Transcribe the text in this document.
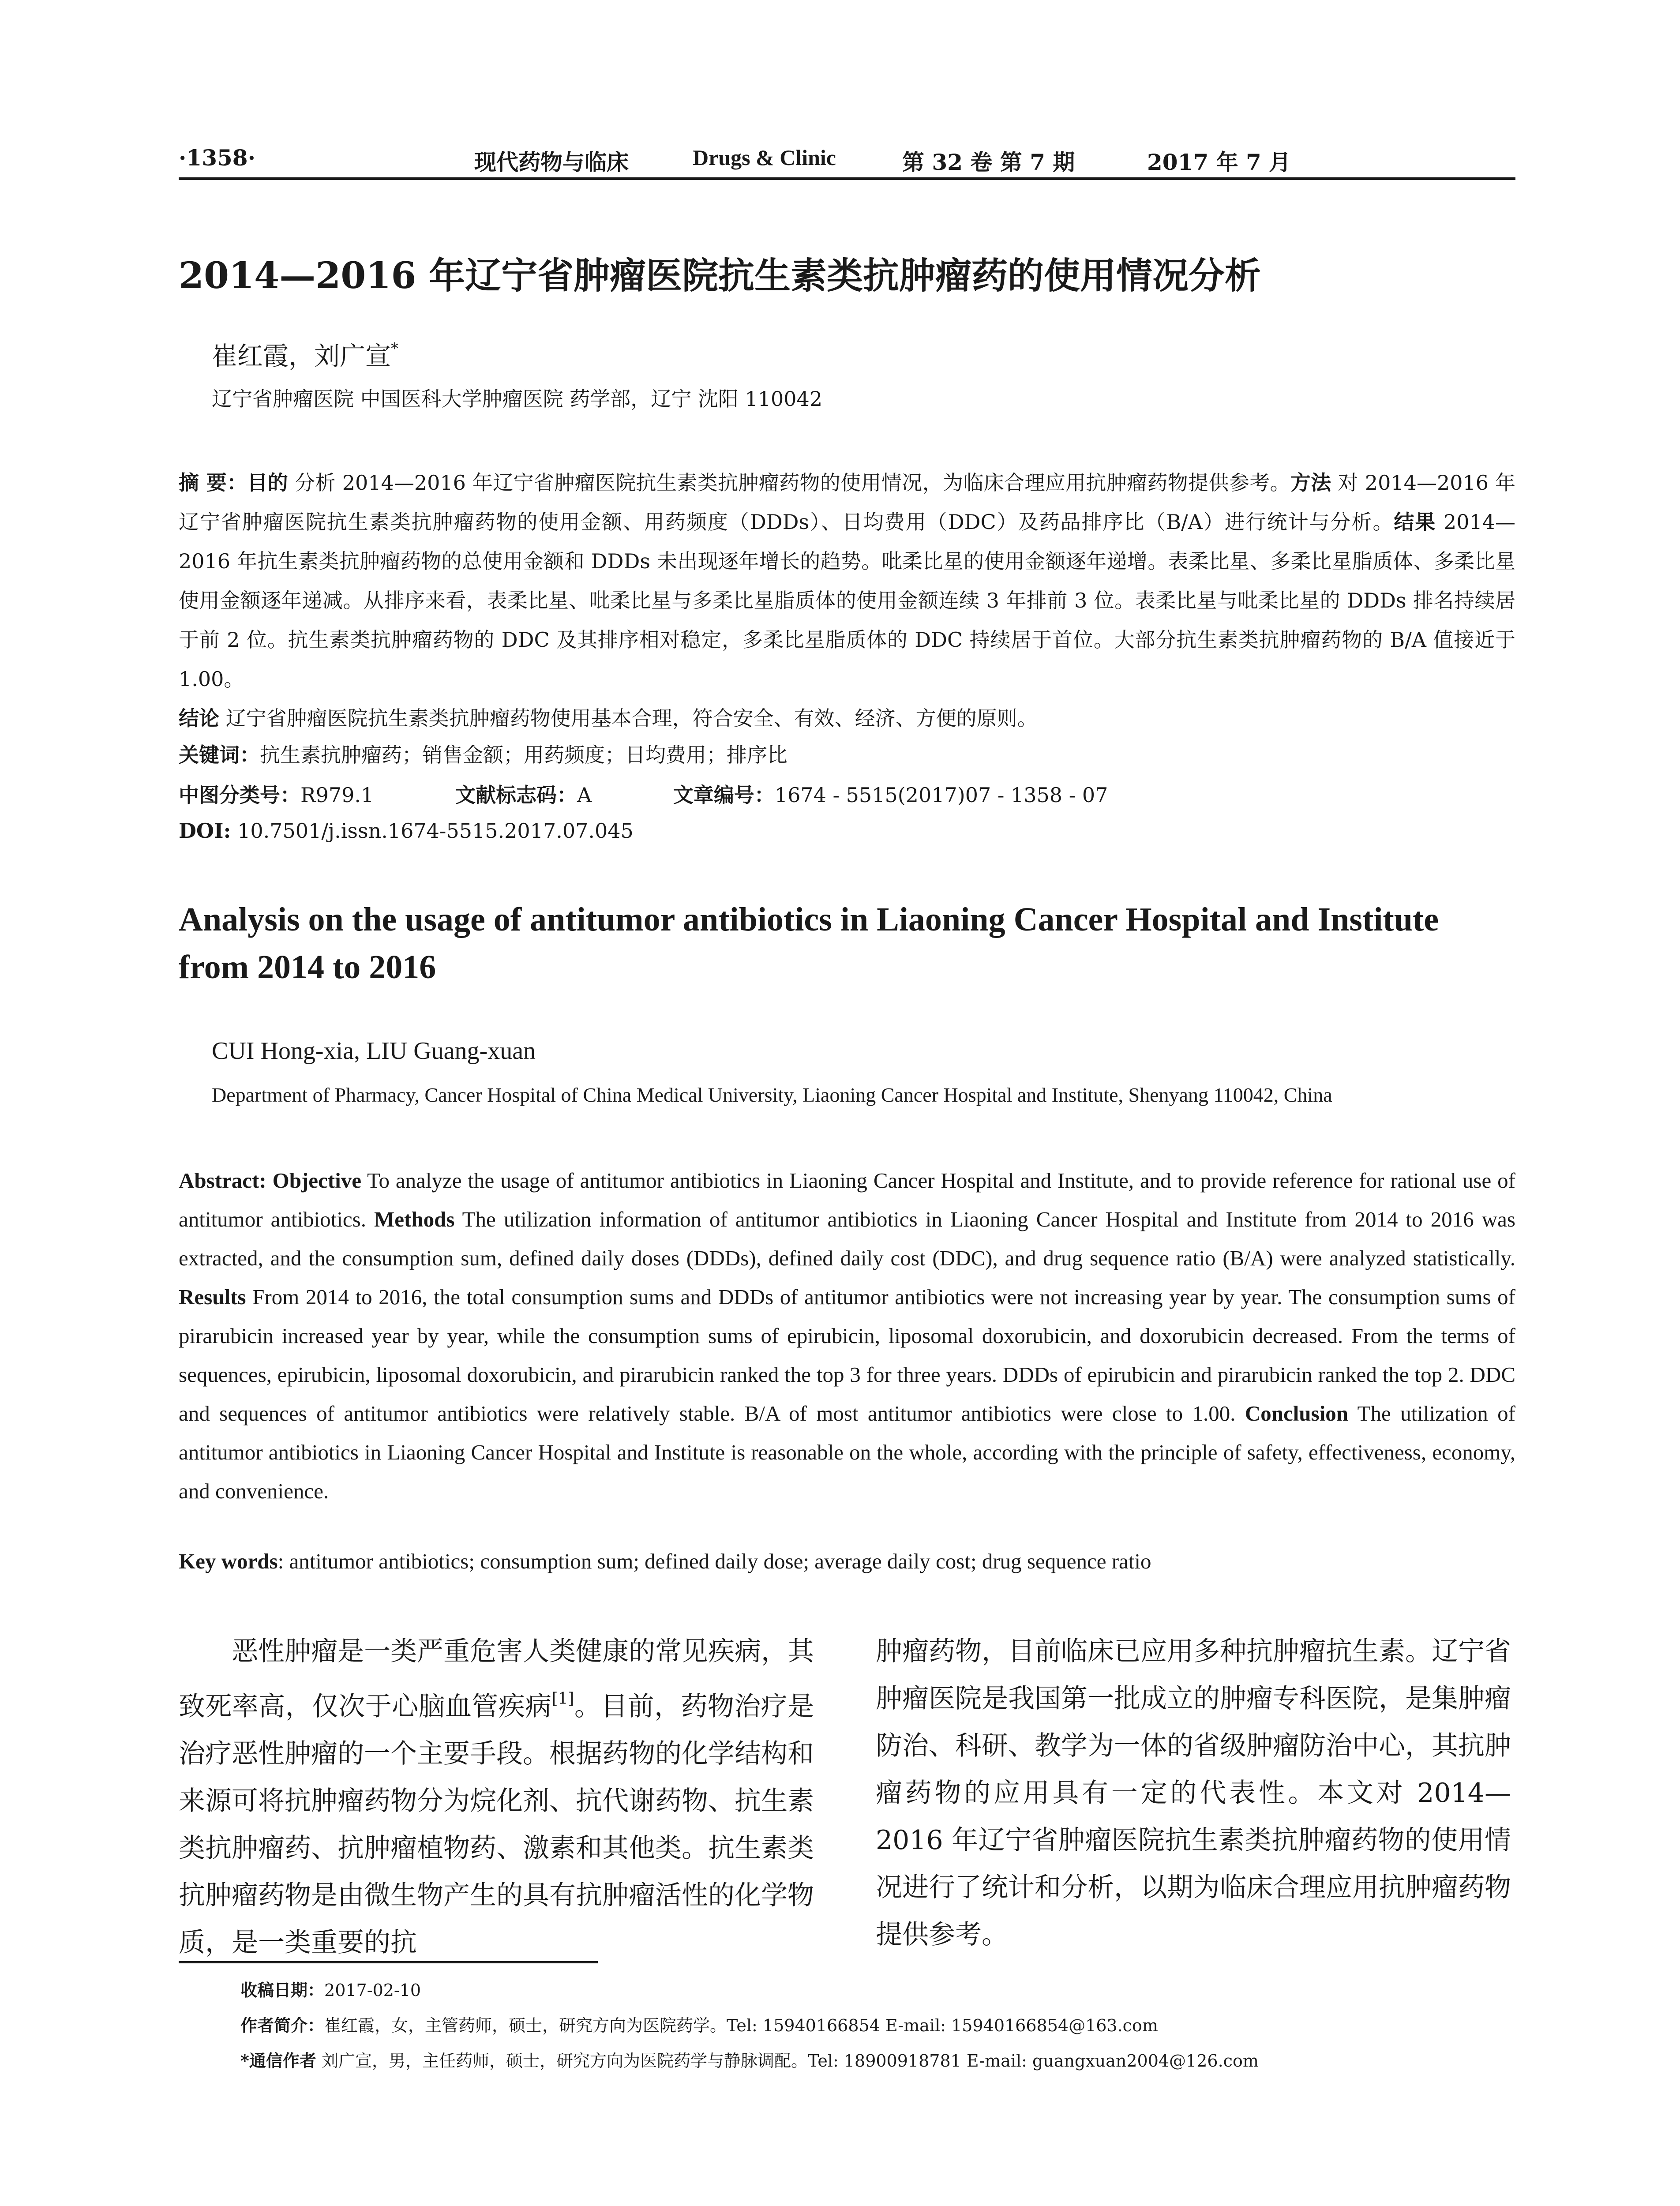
·1358·	现代药物与临床	Drugs & Clinic	第 32 卷 第 7 期	2017 年 7 月
2014—2016 年辽宁省肿瘤医院抗生素类抗肿瘤药的使用情况分析
崔红霞，刘广宣*
辽宁省肿瘤医院 中国医科大学肿瘤医院 药学部，辽宁 沈阳 110042
摘 要：目的 分析 2014—2016 年辽宁省肿瘤医院抗生素类抗肿瘤药物的使用情况，为临床合理应用抗肿瘤药物提供参考。方法 对 2014—2016 年辽宁省肿瘤医院抗生素类抗肿瘤药物的使用金额、用药频度（DDDs）、日均费用（DDC）及药品排序比（B/A）进行统计与分析。结果 2014—2016 年抗生素类抗肿瘤药物的总使用金额和 DDDs 未出现逐年增长的趋势。吡柔比星的使用金额逐年递增。表柔比星、多柔比星脂质体、多柔比星使用金额逐年递减。从排序来看，表柔比星、吡柔比星与多柔比星脂质体的使用金额连续 3 年排前 3 位。表柔比星与吡柔比星的 DDDs 排名持续居于前 2 位。抗生素类抗肿瘤药物的 DDC 及其排序相对稳定，多柔比星脂质体的 DDC 持续居于首位。大部分抗生素类抗肿瘤药物的 B/A 值接近于 1.00。
结论 辽宁省肿瘤医院抗生素类抗肿瘤药物使用基本合理，符合安全、有效、经济、方便的原则。
关键词：抗生素抗肿瘤药；销售金额；用药频度；日均费用；排序比
中图分类号：R979.1	文献标志码：A	文章编号：1674 - 5515(2017)07 - 1358 - 07
DOI: 10.7501/j.issn.1674-5515.2017.07.045
Analysis on the usage of antitumor antibiotics in Liaoning Cancer Hospital and Institute from 2014 to 2016
CUI Hong-xia, LIU Guang-xuan
Department of Pharmacy, Cancer Hospital of China Medical University, Liaoning Cancer Hospital and Institute, Shenyang 110042, China
Abstract: Objective To analyze the usage of antitumor antibiotics in Liaoning Cancer Hospital and Institute, and to provide reference for rational use of antitumor antibiotics. Methods The utilization information of antitumor antibiotics in Liaoning Cancer Hospital and Institute from 2014 to 2016 was extracted, and the consumption sum, defined daily doses (DDDs), defined daily cost (DDC), and drug sequence ratio (B/A) were analyzed statistically. Results From 2014 to 2016, the total consumption sums and DDDs of antitumor antibiotics were not increasing year by year. The consumption sums of pirarubicin increased year by year, while the consumption sums of epirubicin, liposomal doxorubicin, and doxorubicin decreased. From the terms of sequences, epirubicin, liposomal doxorubicin, and pirarubicin ranked the top 3 for three years. DDDs of epirubicin and pirarubicin ranked the top 2. DDC and sequences of antitumor antibiotics were relatively stable. B/A of most antitumor antibiotics were close to 1.00. Conclusion The utilization of antitumor antibiotics in Liaoning Cancer Hospital and Institute is reasonable on the whole, according with the principle of safety, effectiveness, economy, and convenience.
Key words: antitumor antibiotics; consumption sum; defined daily dose; average daily cost; drug sequence ratio

恶性肿瘤是一类严重危害人类健康的常见疾病，其致死率高，仅次于心脑血管疾病[1]。目前，药物治疗是治疗恶性肿瘤的一个主要手段。根据药物的化学结构和来源可将抗肿瘤药物分为烷化剂、抗代谢药物、抗生素类抗肿瘤药、抗肿瘤植物药、激素和其他类。抗生素类抗肿瘤药物是由微生物产生的具有抗肿瘤活性的化学物质，是一类重要的抗

肿瘤药物，目前临床已应用多种抗肿瘤抗生素。辽宁省肿瘤医院是我国第一批成立的肿瘤专科医院，是集肿瘤防治、科研、教学为一体的省级肿瘤防治中心，其抗肿瘤药物的应用具有一定的代表性。本文对 2014—2016 年辽宁省肿瘤医院抗生素类抗肿瘤药物的使用情况进行了统计和分析，以期为临床合理应用抗肿瘤药物提供参考。

收稿日期：2017-02-10
作者简介：崔红霞，女，主管药师，硕士，研究方向为医院药学。Tel: 15940166854 E-mail: 15940166854@163.com
*通信作者 刘广宣，男，主任药师，硕士，研究方向为医院药学与静脉调配。Tel: 18900918781 E-mail: guangxuan2004@126.com
